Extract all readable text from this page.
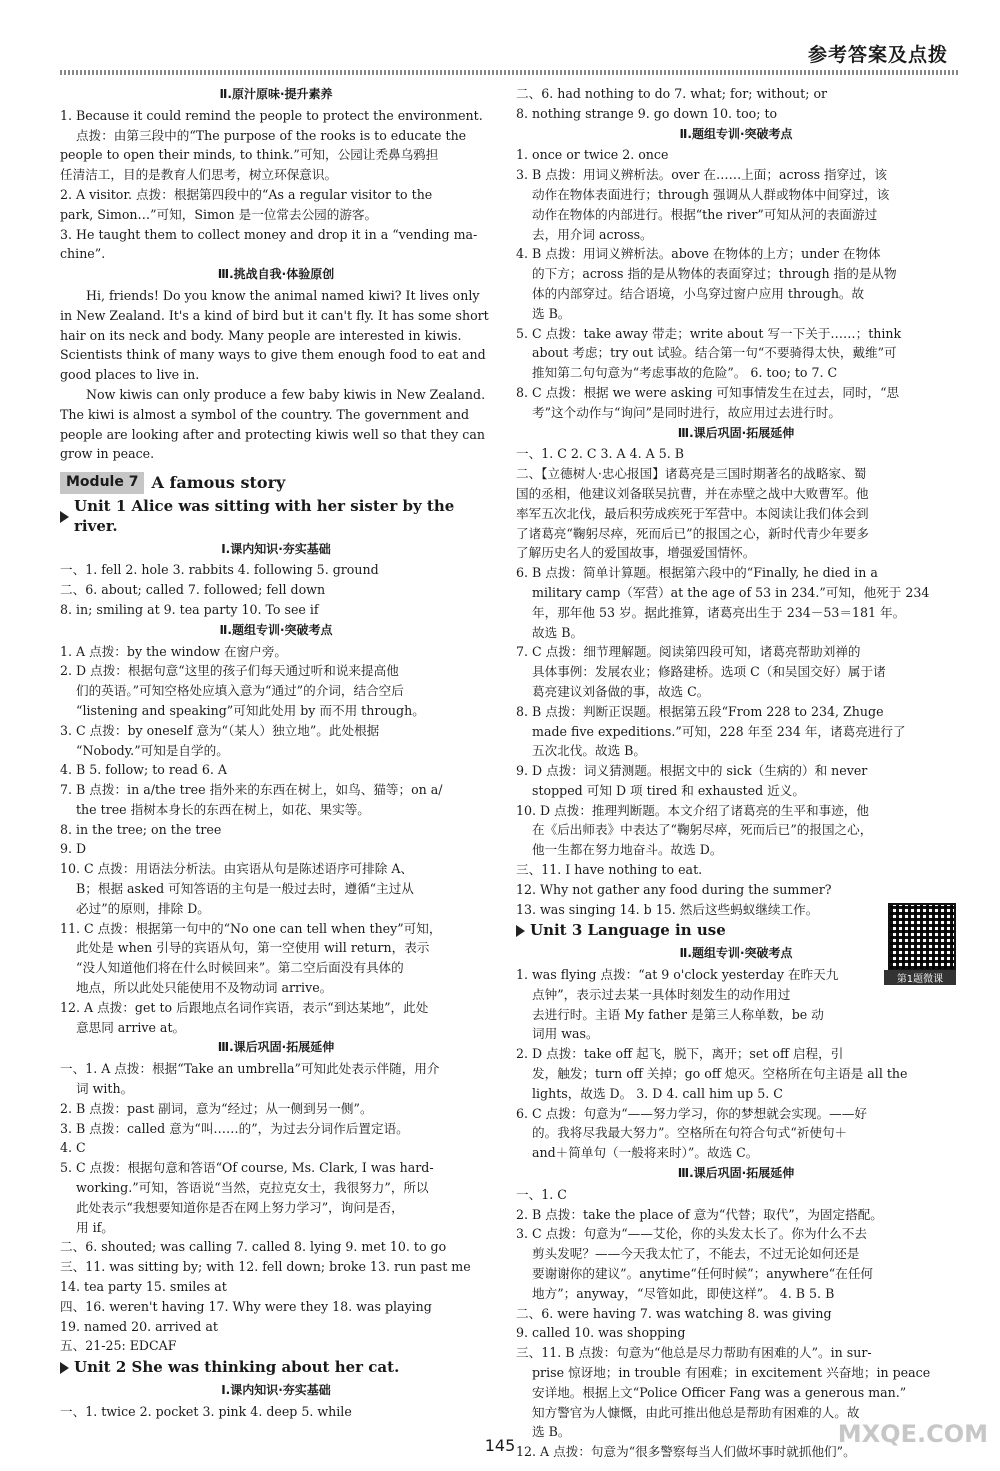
参考答案及点拨
Ⅱ.原汁原味·提升素养

1. Because it could remind the people to protect the environment.

点拨：由第三段中的“The purpose of the rooks is to educate the

people to open their minds, to think.”可知，公园让禿鼻乌鸦担

任清洁工，目的是教育人们思考，树立环保意识。

2. A visitor. 点拨：根据第四段中的“As a regular visitor to the

park, Simon…”可知，Simon 是一位常去公园的游客。

3. He taught them to collect money and drop it in a “vending ma-

chine”.

Ⅲ.挑战自我·体验原创

Hi, friends! Do you know the animal named kiwi? It lives only

in New Zealand. It's a kind of bird but it can't fly. It has some short

hair on its neck and body. Many people are interested in kiwis.

Scientists think of many ways to give them enough food to eat and

good places to live in.

Now kiwis can only produce a few baby kiwis in New Zealand.

The kiwi is almost a symbol of the country. The government and

people are looking after and protecting kiwis well so that they can

grow in peace.

Module 7 A famous story
Unit 1 Alice was sitting with her sister by the river.
Ⅰ.课内知识·夯实基础

一、1. fell 2. hole 3. rabbits 4. following 5. ground

二、6. about; called 7. followed; fell down

8. in; smiling at 9. tea party 10. To see if

Ⅱ.题组专训·突破考点

1. A 点拨：by the window 在窗户旁。

2. D 点拨：根据句意“这里的孩子们每天通过听和说来提高他

们的英语。”可知空格处应填入意为“通过”的介词，结合空后

“listening and speaking”可知此处用 by 而不用 through。

3. C 点拨：by oneself 意为“（某人）独立地”。此处根据

“Nobody.”可知是自学的。

4. B 5. follow; to read 6. A

7. B 点拨：in a/the tree 指外来的东西在树上，如鸟、猫等；on a/

the tree 指树本身长的东西在树上，如花、果实等。

8. in the tree; on the tree

9. D

10. C 点拨：用语法分析法。由宾语从句是陈述语序可排除 A、

B；根据 asked 可知答语的主句是一般过去时，遵循“主过从

必过”的原则，排除 D。

11. C 点拨：根据第一句中的“No one can tell when they”可知，

此处是 when 引导的宾语从句，第一空使用 will return，表示

“没人知道他们将在什么时候回来”。第二空后面没有具体的

地点，所以此处只能使用不及物动词 arrive。

12. A 点拨：get to 后跟地点名词作宾语，表示“到达某地”，此处

意思同 arrive at。

Ⅲ.课后巩固·拓展延伸

一、1. A 点拨：根据“Take an umbrella”可知此处表示伴随，用介

词 with。

2. B 点拨：past 副词，意为“经过；从一侧到另一侧”。

3. B 点拨：called 意为“叫……的”，为过去分词作后置定语。

4. C

5. C 点拨：根据句意和答语“Of course, Ms. Clark, I was hard-

working.”可知，答语说“当然，克拉克女士，我很努力”，所以

此处表示“我想要知道你是否在网上努力学习”，询问是否，

用 if。

二、6. shouted; was calling 7. called 8. lying 9. met 10. to go

三、11. was sitting by; with 12. fell down; broke 13. run past me

14. tea party 15. smiles at

四、16. weren't having 17. Why were they 18. was playing

19. named 20. arrived at

五、21-25: EDCAF

Unit 2 She was thinking about her cat.
Ⅰ.课内知识·夯实基础

一、1. twice 2. pocket 3. pink 4. deep 5. while

二、6. had nothing to do 7. what; for; without; or

8. nothing strange 9. go down 10. too; to

Ⅱ.题组专训·突破考点

1. once or twice 2. once

3. B 点拨：用词义辨析法。over 在……上面；across 指穿过，该

动作在物体表面进行；through 强调从人群或物体中间穿过，该

动作在物体的内部进行。根据“the river”可知从河的表面游过

去，用介词 across。

4. B 点拨：用词义辨析法。above 在物体的上方；under 在物体

的下方；across 指的是从物体的表面穿过；through 指的是从物

体的内部穿过。结合语境，小鸟穿过窗户应用 through。故

选 B。

5. C 点拨：take away 带走；write about 写一下关于……；think

about 考虑；try out 试验。结合第一句“不要骑得太快，戴维”可

推知第二句句意为“考虑事故的危险”。 6. too; to 7. C

8. C 点拨：根据 we were asking 可知事情发生在过去，同时，“思

考”这个动作与“询问”是同时进行，故应用过去进行时。

Ⅲ.课后巩固·拓展延伸

一、1. C 2. C 3. A 4. A 5. B

二、【立德树人·忠心报国】诸葛亮是三国时期著名的战略家、蜀

国的丞相，他建议刘备联吴抗曹，并在赤壁之战中大败曹军。他

率军五次北伐，最后积劳成疾死于军营中。本阅读让我们体会到

了诸葛亮“鞠躬尽瘁，死而后已”的报国之心，新时代青少年要多

了解历史名人的爱国故事，增强爱国情怀。

6. B 点拨：简单计算题。根据第六段中的“Finally, he died in a

military camp（军营）at the age of 53 in 234.”可知，他死于 234

年，那年他 53 岁。据此推算，诸葛亮出生于 234－53＝181 年。

故选 B。

7. C 点拨：细节理解题。阅读第四段可知，诸葛亮帮助刘禅的

具体事例：发展农业；修路建桥。选项 C（和吴国交好）属于诸

葛亮建议刘备做的事，故选 C。

8. B 点拨：判断正误题。根据第五段“From 228 to 234, Zhuge

made five expeditions.”可知，228 年至 234 年，诸葛亮进行了

五次北伐。故选 B。

9. D 点拨：词义猜测题。根据文中的 sick（生病的）和 never

stopped 可知 D 项 tired 和 exhausted 近义。

10. D 点拨：推理判断题。本文介绍了诸葛亮的生平和事迹，他

在《后出师表》中表达了“鞠躬尽瘁，死而后已”的报国之心，

他一生都在努力地奋斗。故选 D。

三、11. I have nothing to eat.

12. Why not gather any food during the summer?

13. was singing 14. b 15. 然后这些蚂蚁继续工作。

Unit 3 Language in use
Ⅱ.题组专训·突破考点

1. was flying 点拨：“at 9 o'clock yesterday 在昨天九

点钟”，表示过去某一具体时刻发生的动作用过

去进行时。主语 My father 是第三人称单数，be 动

词用 was。

2. D 点拨：take off 起飞，脱下，离开；set off 启程，引

发，触发；turn off 关掉；go off 熄灭。空格所在句主语是 all the

lights，故选 D。 3. D 4. call him up 5. C

6. C 点拨：句意为“——努力学习，你的梦想就会实现。——好

的。我将尽我最大努力”。空格所在句符合句式“祈使句＋

and＋简单句（一般将来时）”。故选 C。

Ⅲ.课后巩固·拓展延伸

一、1. C

2. B 点拨：take the place of 意为“代替；取代”，为固定搭配。

3. C 点拨：句意为“——艾伦，你的头发太长了。你为什么不去

剪头发呢？——今天我太忙了，不能去，不过无论如何还是

要谢谢你的建议”。anytime“任何时候”；anywhere“在任何

地方”；anyway，“尽管如此，即使这样”。 4. B 5. B

二、6. were having 7. was watching 8. was giving

9. called 10. was shopping

三、11. B 点拨：句意为“他总是尽力帮助有困难的人”。in sur-

prise 惊讶地；in trouble 有困难；in excitement 兴奋地；in peace

安详地。根据上文“Police Officer Fang was a generous man.”

知方警官为人慷慨，由此可推出他总是帮助有困难的人。故

选 B。

12. A 点拨：句意为“很多警察每当人们做坏事时就抓他们”。

第1题微课
145	MXQE.COM
